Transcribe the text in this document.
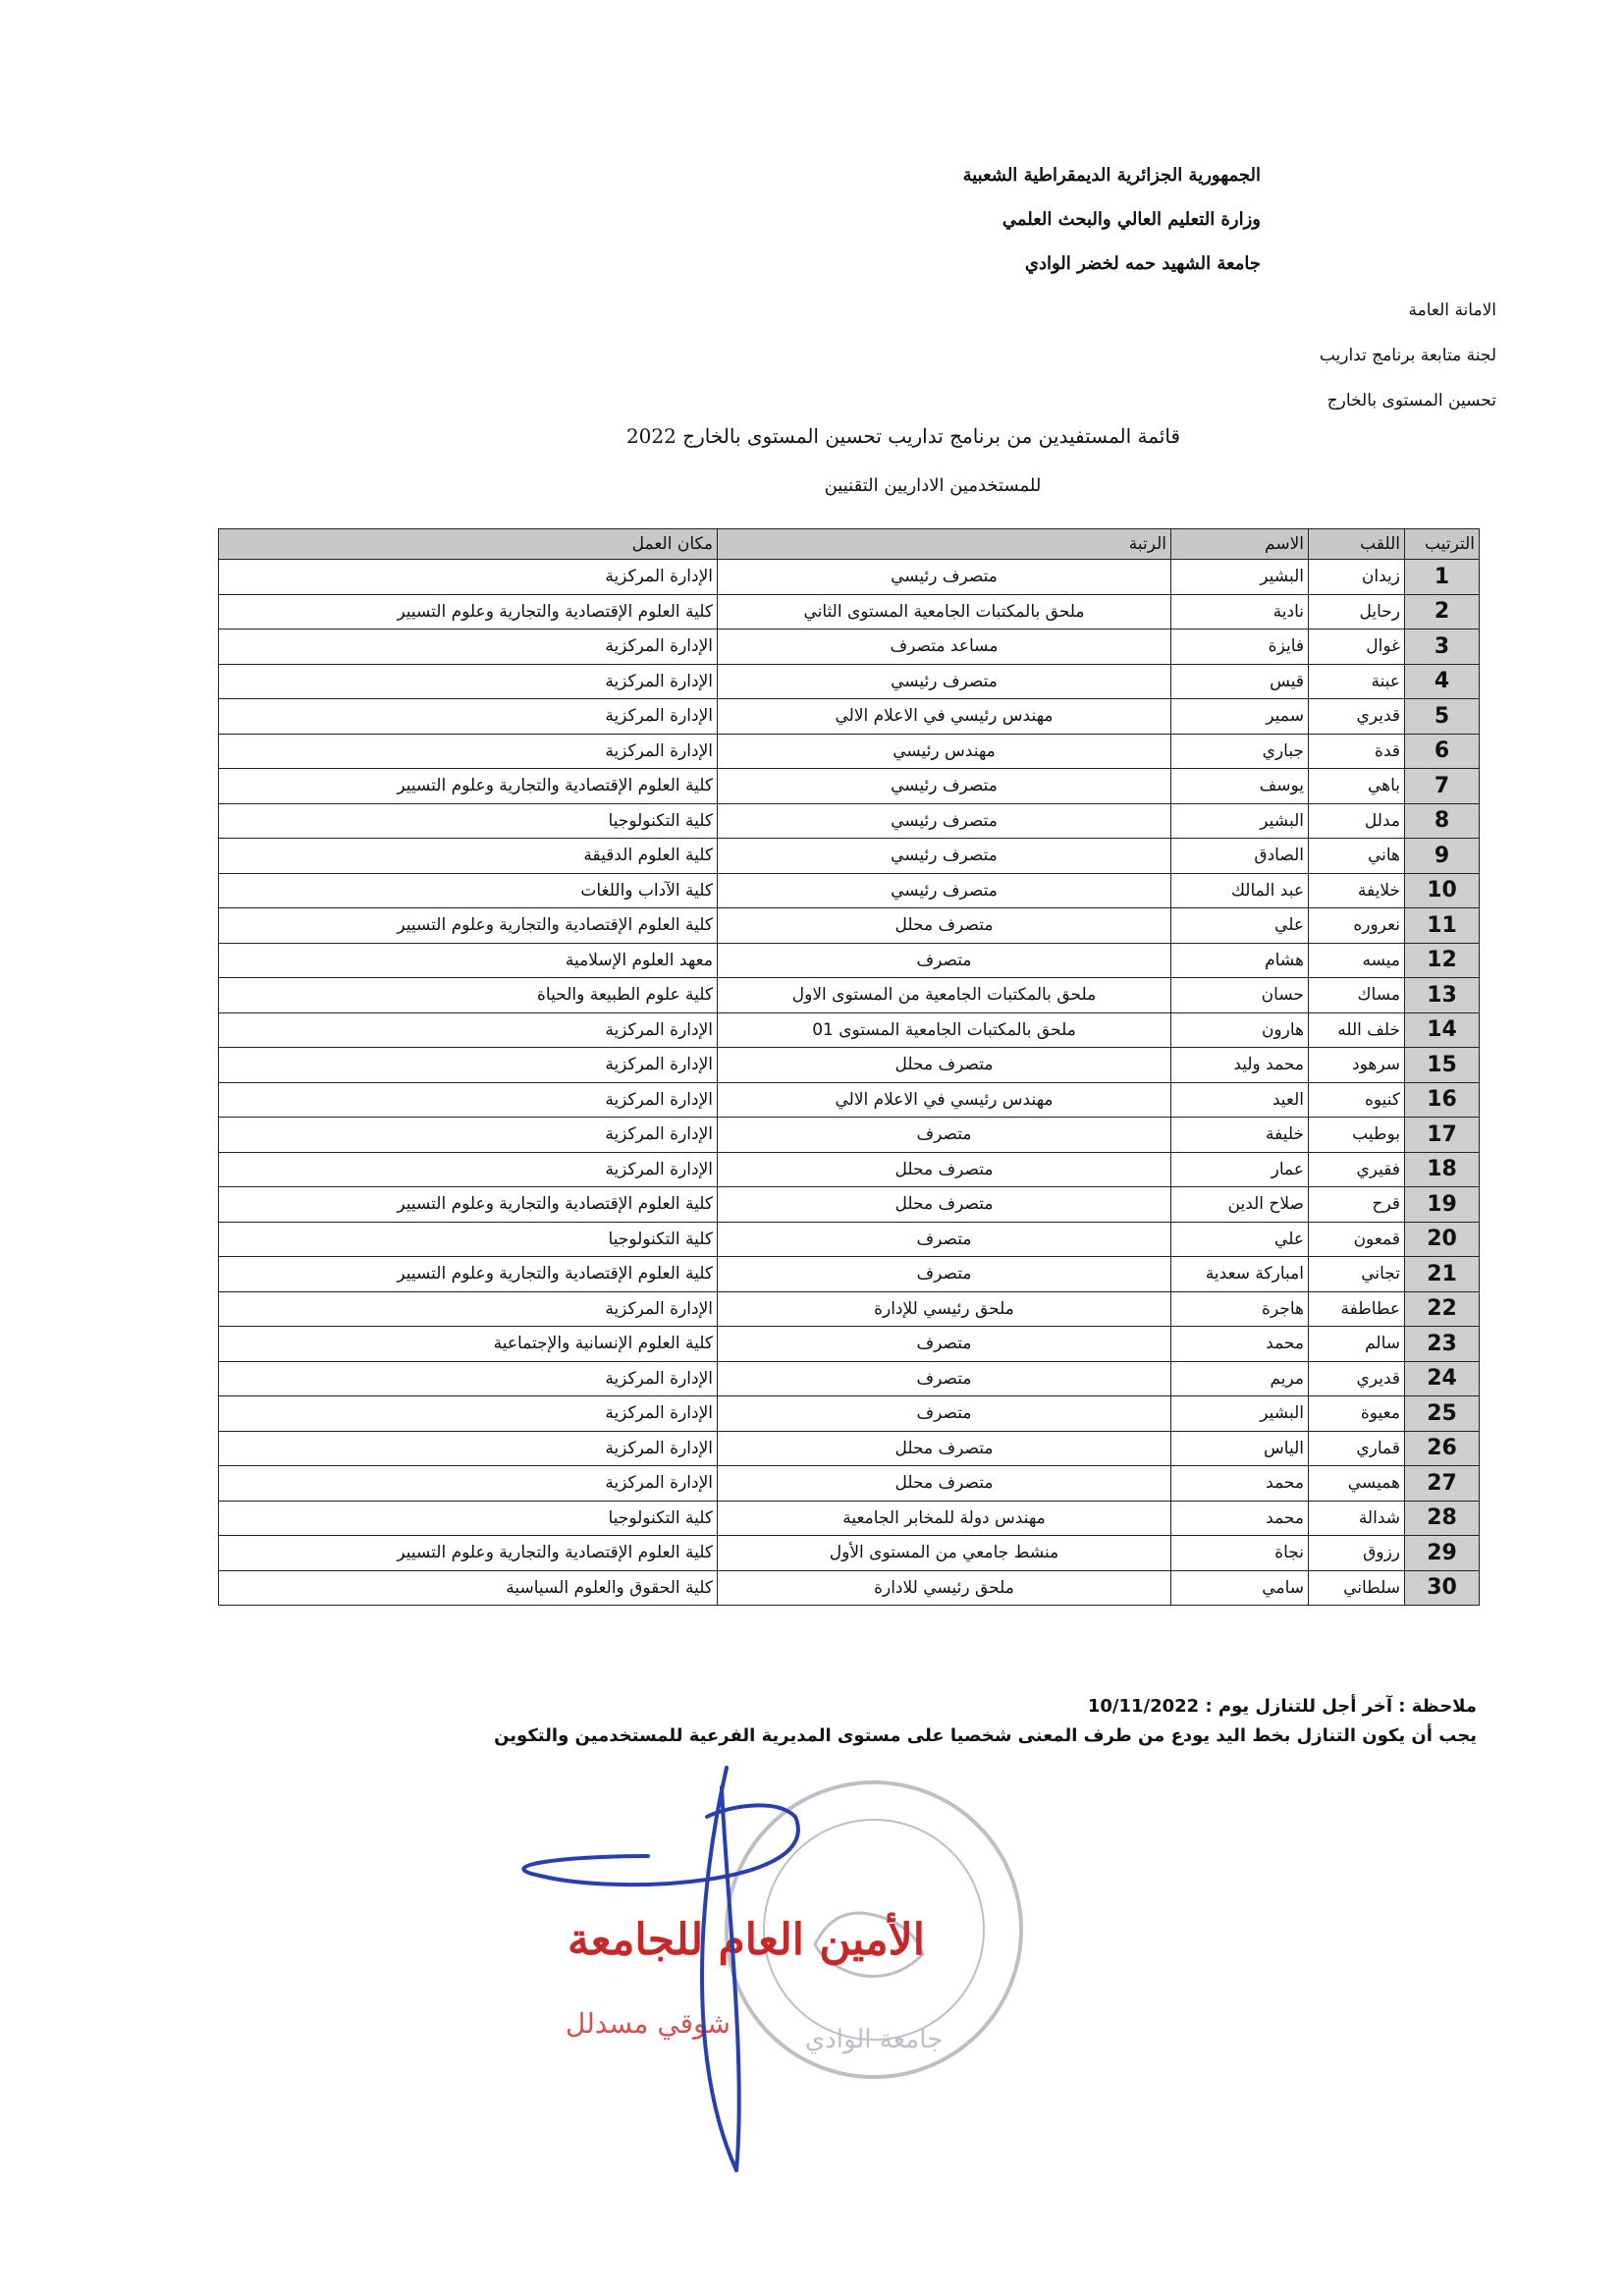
الجمهورية الجزائرية الديمقراطية الشعبية
وزارة التعليم العالي والبحث العلمي
جامعة الشهيد حمه لخضر الوادي
الامانة العامة
لجنة متابعة برنامج تداريب
تحسين المستوى بالخارج
قائمة المستفيدين من برنامج تداريب تحسين المستوى بالخارج 2022
للمستخدمين الاداريين التقنيين
الترتيب	اللقب	الاسم	الرتبة	مكان العمل
1	زيدان	البشير	متصرف رئيسي	الإدارة المركزية
2	رحايل	نادية	ملحق بالمكتبات الجامعية المستوى الثاني	كلية العلوم الإقتصادية والتجارية وعلوم التسيير
3	غوال	فايزة	مساعد متصرف	الإدارة المركزية
4	عبنة	قيس	متصرف رئيسي	الإدارة المركزية
5	قديري	سمير	مهندس رئيسي في الاعلام الالي	الإدارة المركزية
6	قدة	جباري	مهندس رئيسي	الإدارة المركزية
7	باهي	يوسف	متصرف رئيسي	كلية العلوم الإقتصادية والتجارية وعلوم التسيير
8	مدلل	البشير	متصرف رئيسي	كلية التكنولوجيا
9	هاني	الصادق	متصرف رئيسي	كلية العلوم الدقيقة
10	خلايفة	عبد المالك	متصرف رئيسي	كلية الآداب واللغات
11	نعروره	علي	متصرف محلل	كلية العلوم الإقتصادية والتجارية وعلوم التسيير
12	ميسه	هشام	متصرف	معهد العلوم الإسلامية
13	مساك	حسان	ملحق بالمكتبات الجامعية من المستوى الاول	كلية علوم الطبيعة والحياة
14	خلف الله	هارون	ملحق بالمكتبات الجامعية المستوى 01	الإدارة المركزية
15	سرهود	محمد وليد	متصرف محلل	الإدارة المركزية
16	كنيوه	العيد	مهندس رئيسي في الاعلام الالي	الإدارة المركزية
17	بوطيب	خليفة	متصرف	الإدارة المركزية
18	فقيري	عمار	متصرف محلل	الإدارة المركزية
19	قرح	صلاح الدين	متصرف محلل	كلية العلوم الإقتصادية والتجارية وعلوم التسيير
20	قمعون	علي	متصرف	كلية التكنولوجيا
21	تجاني	امباركة سعدية	متصرف	كلية العلوم الإقتصادية والتجارية وعلوم التسيير
22	عطاطفة	هاجرة	ملحق رئيسي للإدارة	الإدارة المركزية
23	سالم	محمد	متصرف	كلية العلوم الإنسانية والإجتماعية
24	قديري	مريم	متصرف	الإدارة المركزية
25	معيوة	البشير	متصرف	الإدارة المركزية
26	قماري	الياس	متصرف محلل	الإدارة المركزية
27	هميسي	محمد	متصرف محلل	الإدارة المركزية
28	شدالة	محمد	مهندس دولة للمخابر الجامعية	كلية التكنولوجيا
29	رزوق	نجاة	منشط جامعي من المستوى الأول	كلية العلوم الإقتصادية والتجارية وعلوم التسيير
30	سلطاني	سامي	ملحق رئيسي للادارة	كلية الحقوق والعلوم السياسية
ملاحظة : آخر أجل للتنازل يوم : 10/11/2022
يجب أن يكون التنازل بخط اليد يودع من طرف المعنى شخصيا على مستوى المديرية الفرعية للمستخدمين والتكوين
جامعة الوادي
الأمين العام للجامعة
شوقي مسدلل
